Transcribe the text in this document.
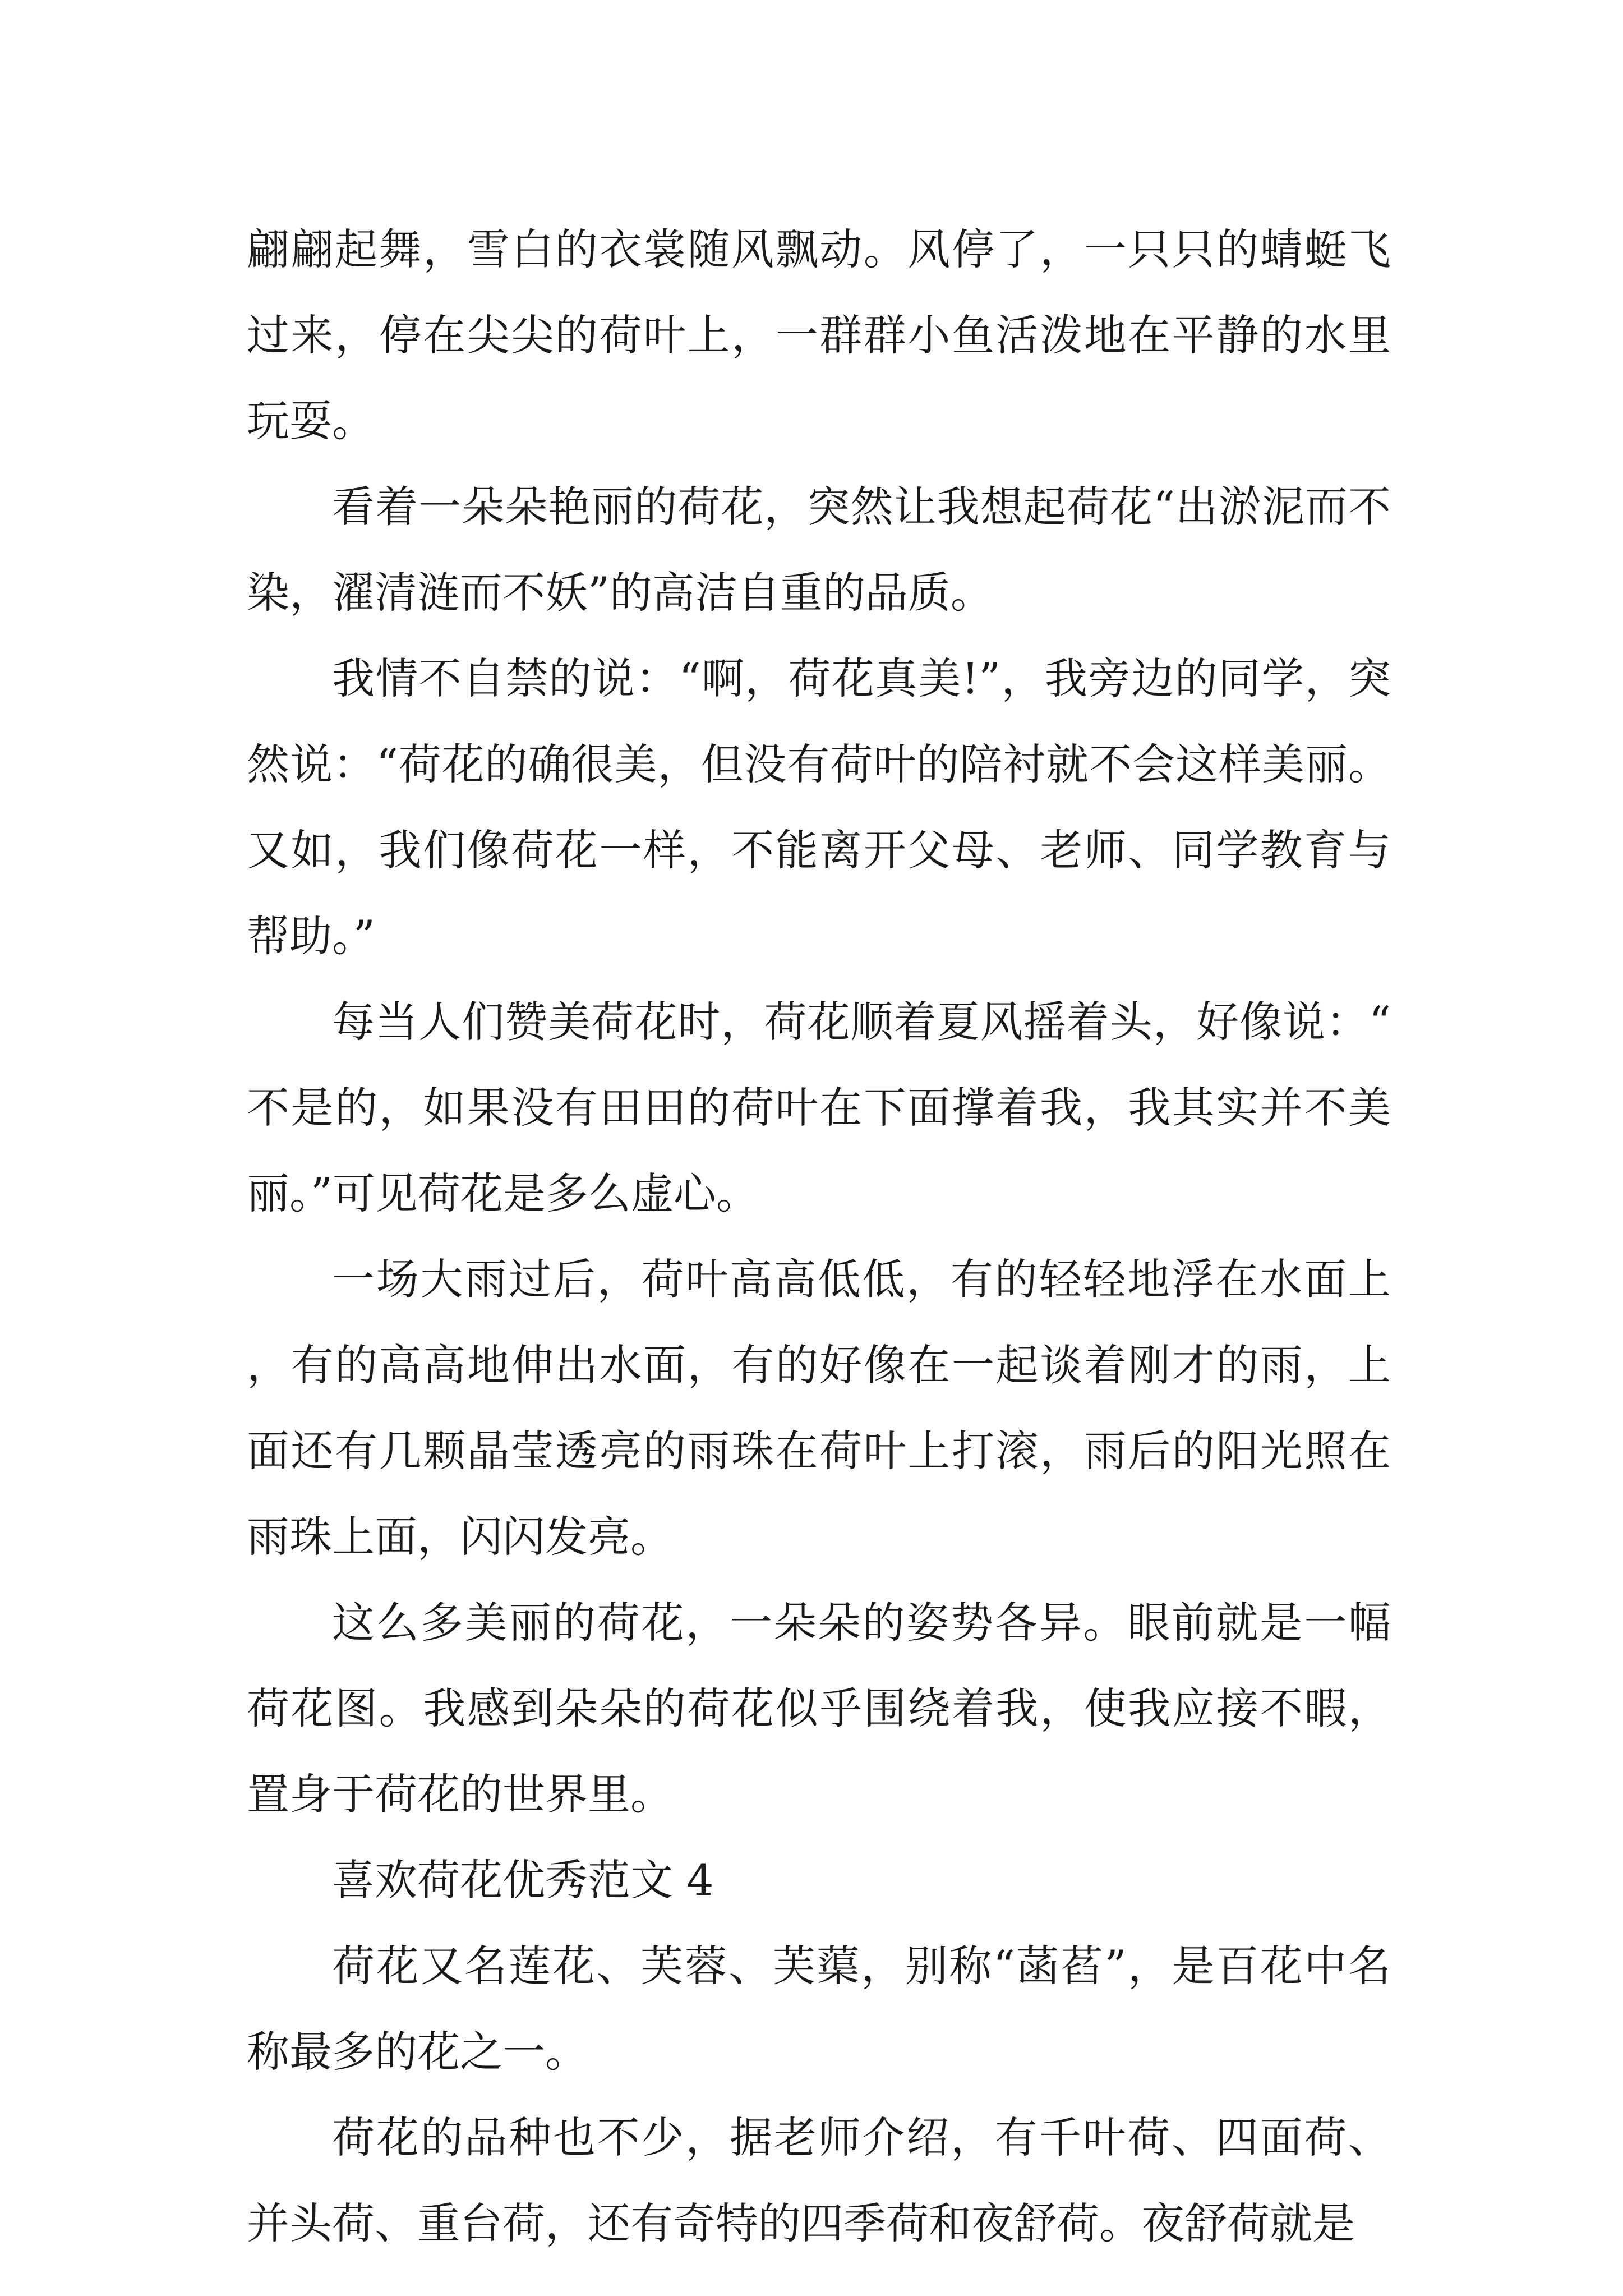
翩翩起舞，雪白的衣裳随风飘动。风停了，一只只的蜻蜓飞过来，停在尖尖的荷叶上，一群群小鱼活泼地在平静的水里玩耍。

看着一朵朵艳丽的荷花，突然让我想起荷花“出淤泥而不染，濯清涟而不妖”的高洁自重的品质。

我情不自禁的说：“啊，荷花真美!”，我旁边的同学，突然说：“荷花的确很美，但没有荷叶的陪衬就不会这样美丽。又如，我们像荷花一样，不能离开父母、老师、同学教育与帮助。”

每当人们赞美荷花时，荷花顺着夏风摇着头，好像说：“不是的，如果没有田田的荷叶在下面撑着我，我其实并不美丽。”可见荷花是多么虚心。

一场大雨过后，荷叶高高低低，有的轻轻地浮在水面上，有的高高地伸出水面，有的好像在一起谈着刚才的雨，上面还有几颗晶莹透亮的雨珠在荷叶上打滚，雨后的阳光照在雨珠上面，闪闪发亮。

这么多美丽的荷花，一朵朵的姿势各异。眼前就是一幅荷花图。我感到朵朵的荷花似乎围绕着我，使我应接不暇，置身于荷花的世界里。

喜欢荷花优秀范文 4

荷花又名莲花、芙蓉、芙蕖，别称“菡萏”，是百花中名称最多的花之一。

荷花的品种也不少，据老师介绍，有千叶荷、四面荷、并头荷、重台荷，还有奇特的四季荷和夜舒荷。夜舒荷就是
